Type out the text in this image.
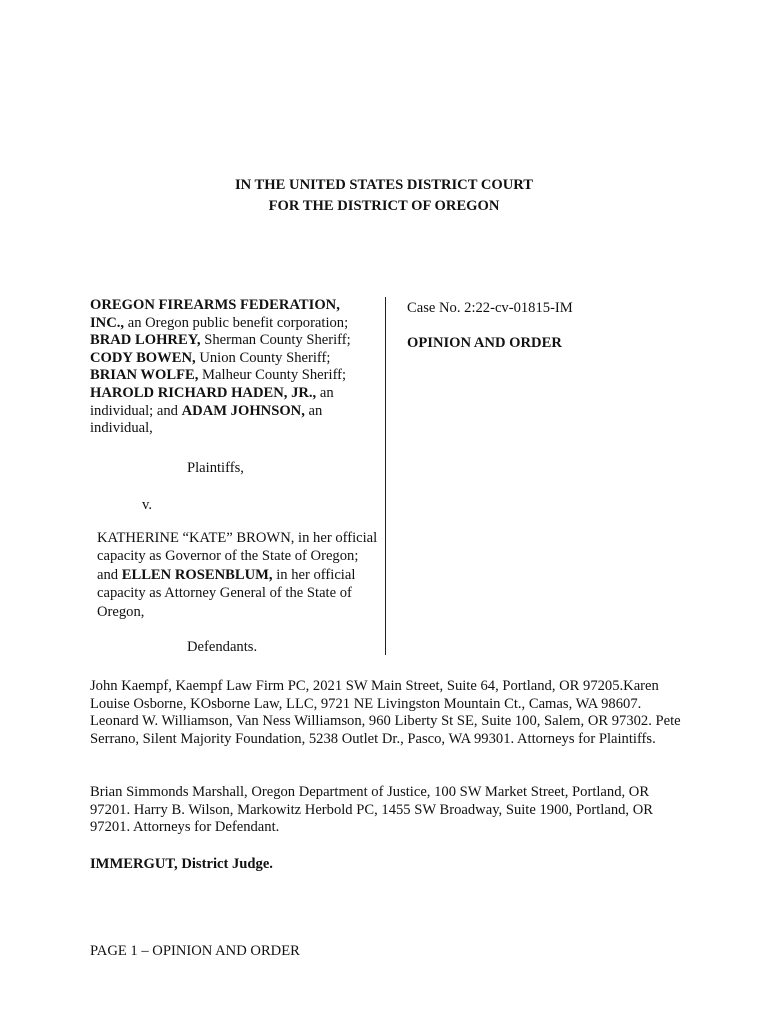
IN THE UNITED STATES DISTRICT COURT
FOR THE DISTRICT OF OREGON
OREGON FIREARMS FEDERATION, INC., an Oregon public benefit corporation; BRAD LOHREY, Sherman County Sheriff; CODY BOWEN, Union County Sheriff; BRIAN WOLFE, Malheur County Sheriff; HAROLD RICHARD HADEN, JR., an individual; and ADAM JOHNSON, an individual,
Plaintiffs,
v.
KATHERINE “KATE” BROWN, in her official capacity as Governor of the State of Oregon; and ELLEN ROSENBLUM, in her official capacity as Attorney General of the State of Oregon,
Defendants.
Case No. 2:22-cv-01815-IM
OPINION AND ORDER
John Kaempf, Kaempf Law Firm PC, 2021 SW Main Street, Suite 64, Portland, OR 97205.Karen Louise Osborne, KOsborne Law, LLC, 9721 NE Livingston Mountain Ct., Camas, WA 98607. Leonard W. Williamson, Van Ness Williamson, 960 Liberty St SE, Suite 100, Salem, OR 97302. Pete Serrano, Silent Majority Foundation, 5238 Outlet Dr., Pasco, WA 99301. Attorneys for Plaintiffs.
Brian Simmonds Marshall, Oregon Department of Justice, 100 SW Market Street, Portland, OR 97201. Harry B. Wilson, Markowitz Herbold PC, 1455 SW Broadway, Suite 1900, Portland, OR 97201. Attorneys for Defendant.
IMMERGUT, District Judge.
PAGE 1 – OPINION AND ORDER
